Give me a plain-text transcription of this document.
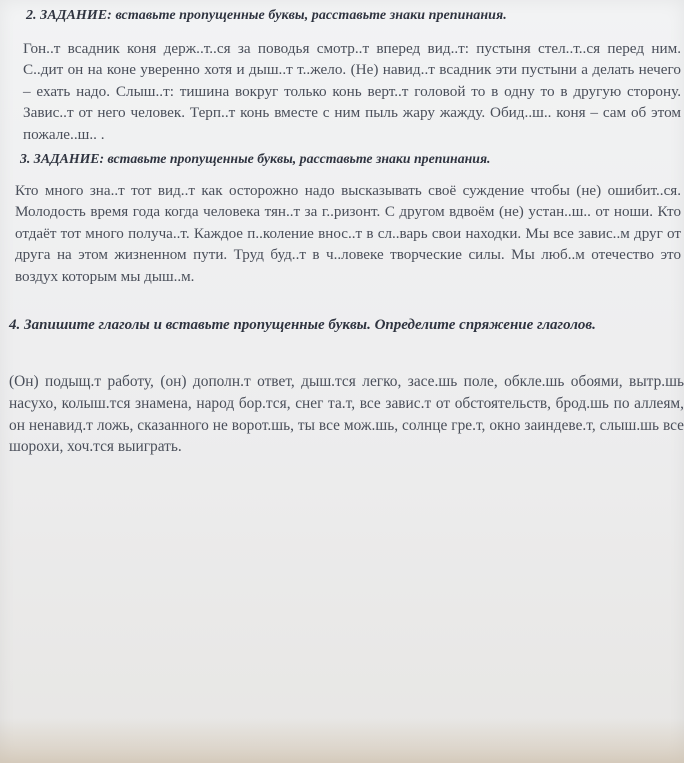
2. ЗАДАНИЕ: вставьте пропущенные буквы, расставьте знаки препинания.
Гон..т всадник коня держ..т..ся за поводья смотр..т вперед вид..т: пустыня стел..т..ся перед ним. С..дит он на коне уверенно хотя и дыш..т т..жело. (Не) навид..т всадник эти пустыни а делать нечего – ехать надо. Слыш..т: тишина вокруг только конь верт..т головой то в одну то в другую сторону. Завис..т от него человек. Терп..т конь вместе с ним пыль жару жажду. Обид..ш.. коня – сам об этом пожале..ш.. .
3. ЗАДАНИЕ: вставьте пропущенные буквы, расставьте знаки препинания.
Кто много зна..т тот вид..т как осторожно надо высказывать своё суждение чтобы (не) ошибит..ся. Молодость время года когда человека тян..т за г..ризонт. С другом вдвоём (не) устан..ш.. от ноши. Кто отдаёт тот много получа..т. Каждое п..коление внос..т в сл..варь свои находки. Мы все завис..м друг от друга на этом жизненном пути. Труд буд..т в ч..ловеке творческие силы. Мы люб..м отечество это воздух которым мы дыш..м.
4. Запишите глаголы и вставьте пропущенные буквы. Определите спряжение глаголов.
(Он) подыщ.т работу, (он) дополн.т ответ, дыш.тся легко, засе.шь поле, обкле.шь обоями, вытр.шь насухо, колыш.тся знамена, народ бор.тся, снег та.т, все завис.т от обстоятельств, брод.шь по аллеям, он ненавид.т ложь, сказанного не ворот.шь, ты все мож.шь, солнце гре.т, окно заиндеве.т, слыш.шь все шорохи, хоч.тся выиграть.
